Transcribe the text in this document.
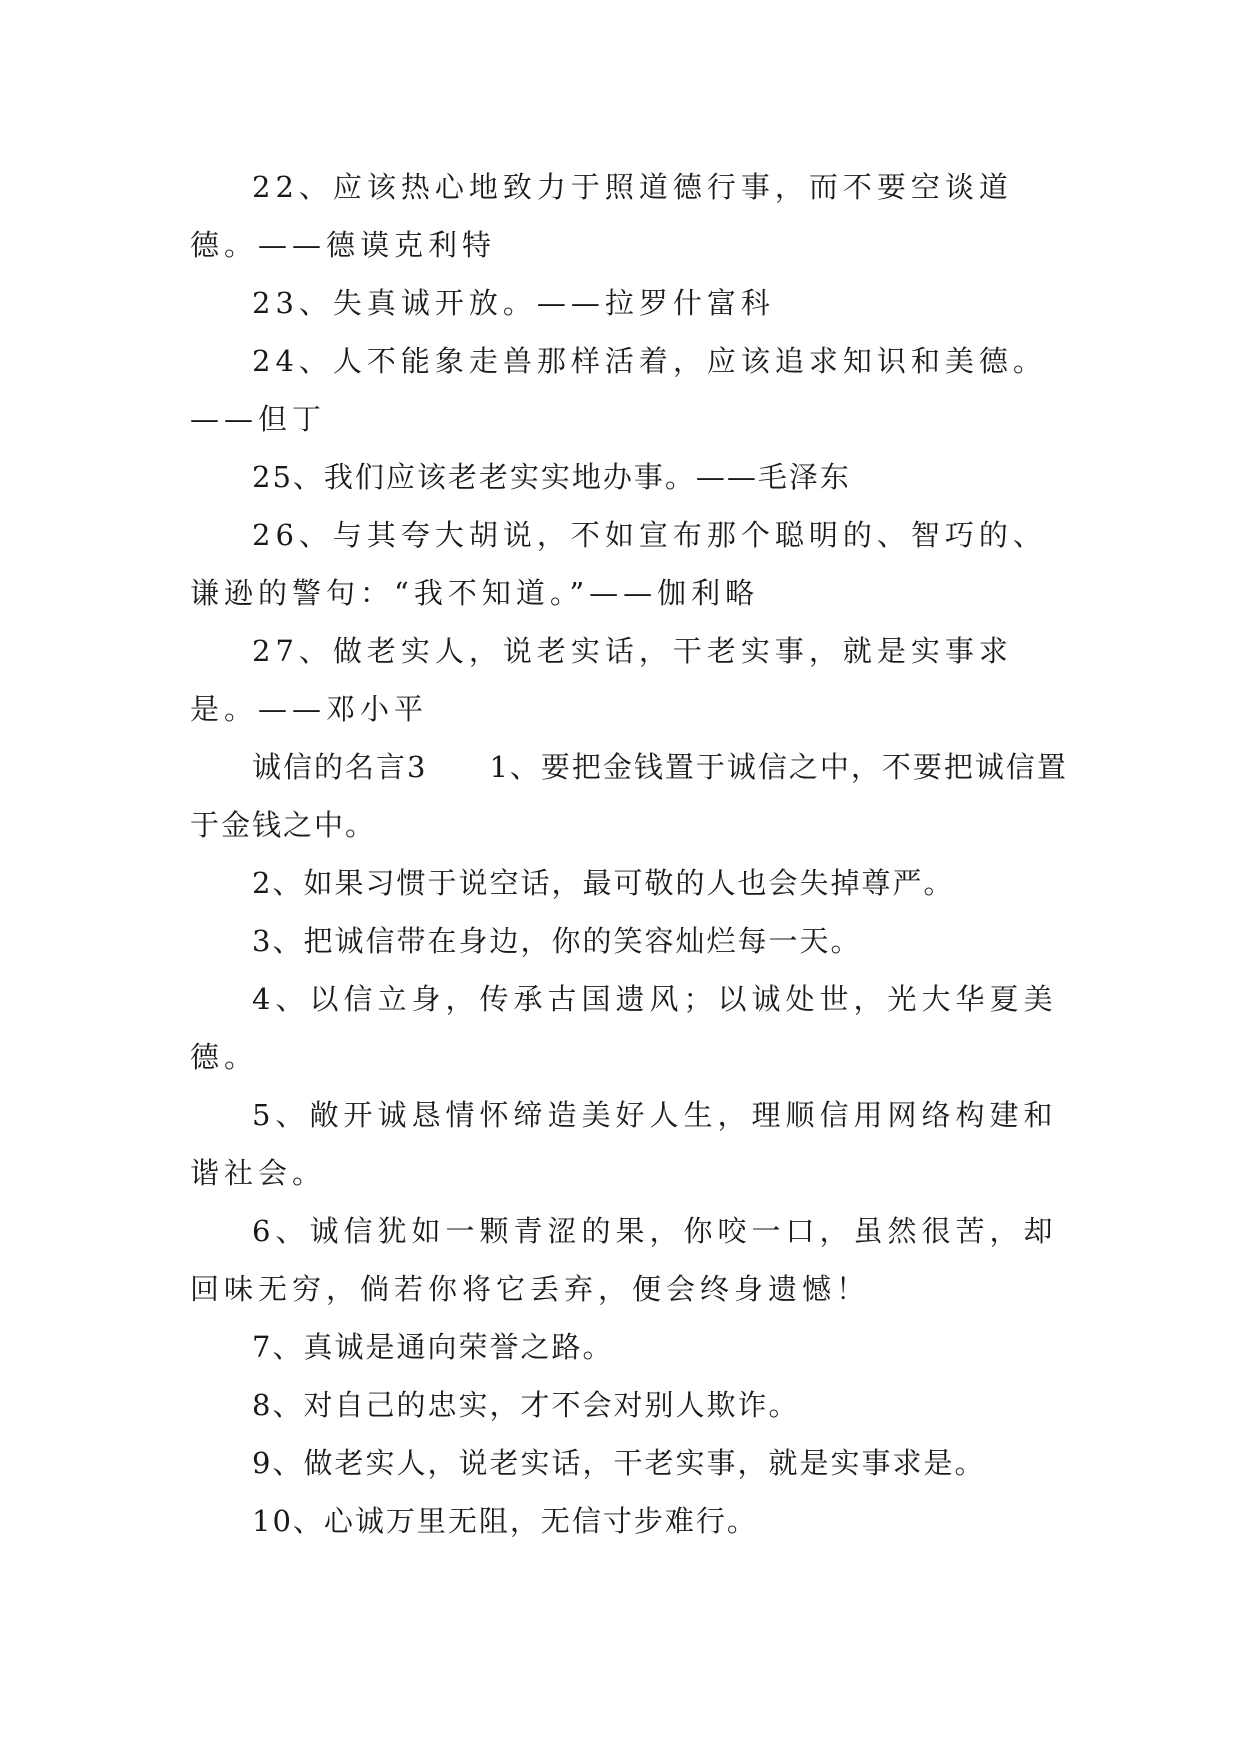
22、应该热心地致力于照道德行事，而不要空谈道德。——德谟克利特

23、失真诚开放。——拉罗什富科

24、人不能象走兽那样活着，应该追求知识和美德。——但丁

25、我们应该老老实实地办事。——毛泽东

26、与其夸大胡说，不如宣布那个聪明的、智巧的、谦逊的警句：“我不知道。”——伽利略

27、做老实人，说老实话，干老实事，就是实事求是。——邓小平

诚信的名言3　　1、要把金钱置于诚信之中，不要把诚信置于金钱之中。

2、如果习惯于说空话，最可敬的人也会失掉尊严。

3、把诚信带在身边，你的笑容灿烂每一天。

4、以信立身，传承古国遗风；以诚处世，光大华夏美德。

5、敞开诚恳情怀缔造美好人生，理顺信用网络构建和谐社会。

6、诚信犹如一颗青涩的果，你咬一口，虽然很苦，却回味无穷，倘若你将它丢弃，便会终身遗憾！

7、真诚是通向荣誉之路。

8、对自己的忠实，才不会对别人欺诈。

9、做老实人，说老实话，干老实事，就是实事求是。

10、心诚万里无阻，无信寸步难行。
